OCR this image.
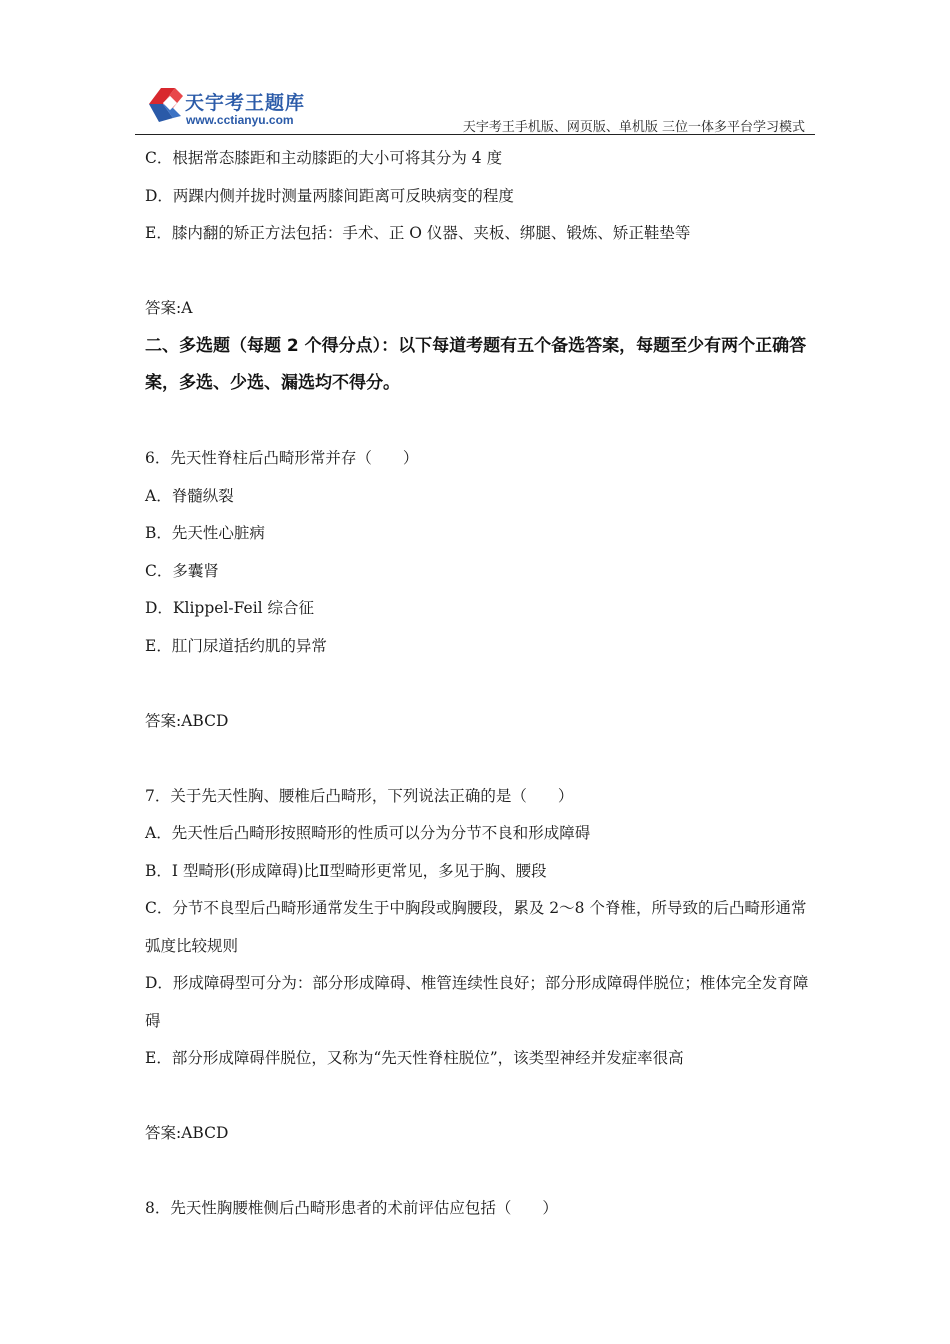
天宇考王题库
www.cctianyu.com	天宇考王手机版、网页版、单机版 三位一体多平台学习模式
C．根据常态膝距和主动膝距的大小可将其分为 4 度
D．两踝内侧并拢时测量两膝间距离可反映病变的程度
E．膝内翻的矫正方法包括：手术、正 O 仪器、夹板、绑腿、锻炼、矫正鞋垫等
答案:A
二、多选题（每题 2 个得分点）：以下每道考题有五个备选答案，每题至少有两个正确答案，多选、少选、漏选均不得分。
6．先天性脊柱后凸畸形常并存（　　）
A．脊髓纵裂
B．先天性心脏病
C．多囊肾
D．Klippel-Feil 综合征
E．肛门尿道括约肌的异常
答案:ABCD
7．关于先天性胸、腰椎后凸畸形，下列说法正确的是（　　）
A．先天性后凸畸形按照畸形的性质可以分为分节不良和形成障碍
B．Ⅰ 型畸形(形成障碍)比Ⅱ型畸形更常见，多见于胸、腰段
C．分节不良型后凸畸形通常发生于中胸段或胸腰段，累及 2～8 个脊椎，所导致的后凸畸形通常弧度比较规则
D．形成障碍型可分为：部分形成障碍、椎管连续性良好；部分形成障碍伴脱位；椎体完全发育障碍
E．部分形成障碍伴脱位，又称为“先天性脊柱脱位”，该类型神经并发症率很高
答案:ABCD
8．先天性胸腰椎侧后凸畸形患者的术前评估应包括（　　）
